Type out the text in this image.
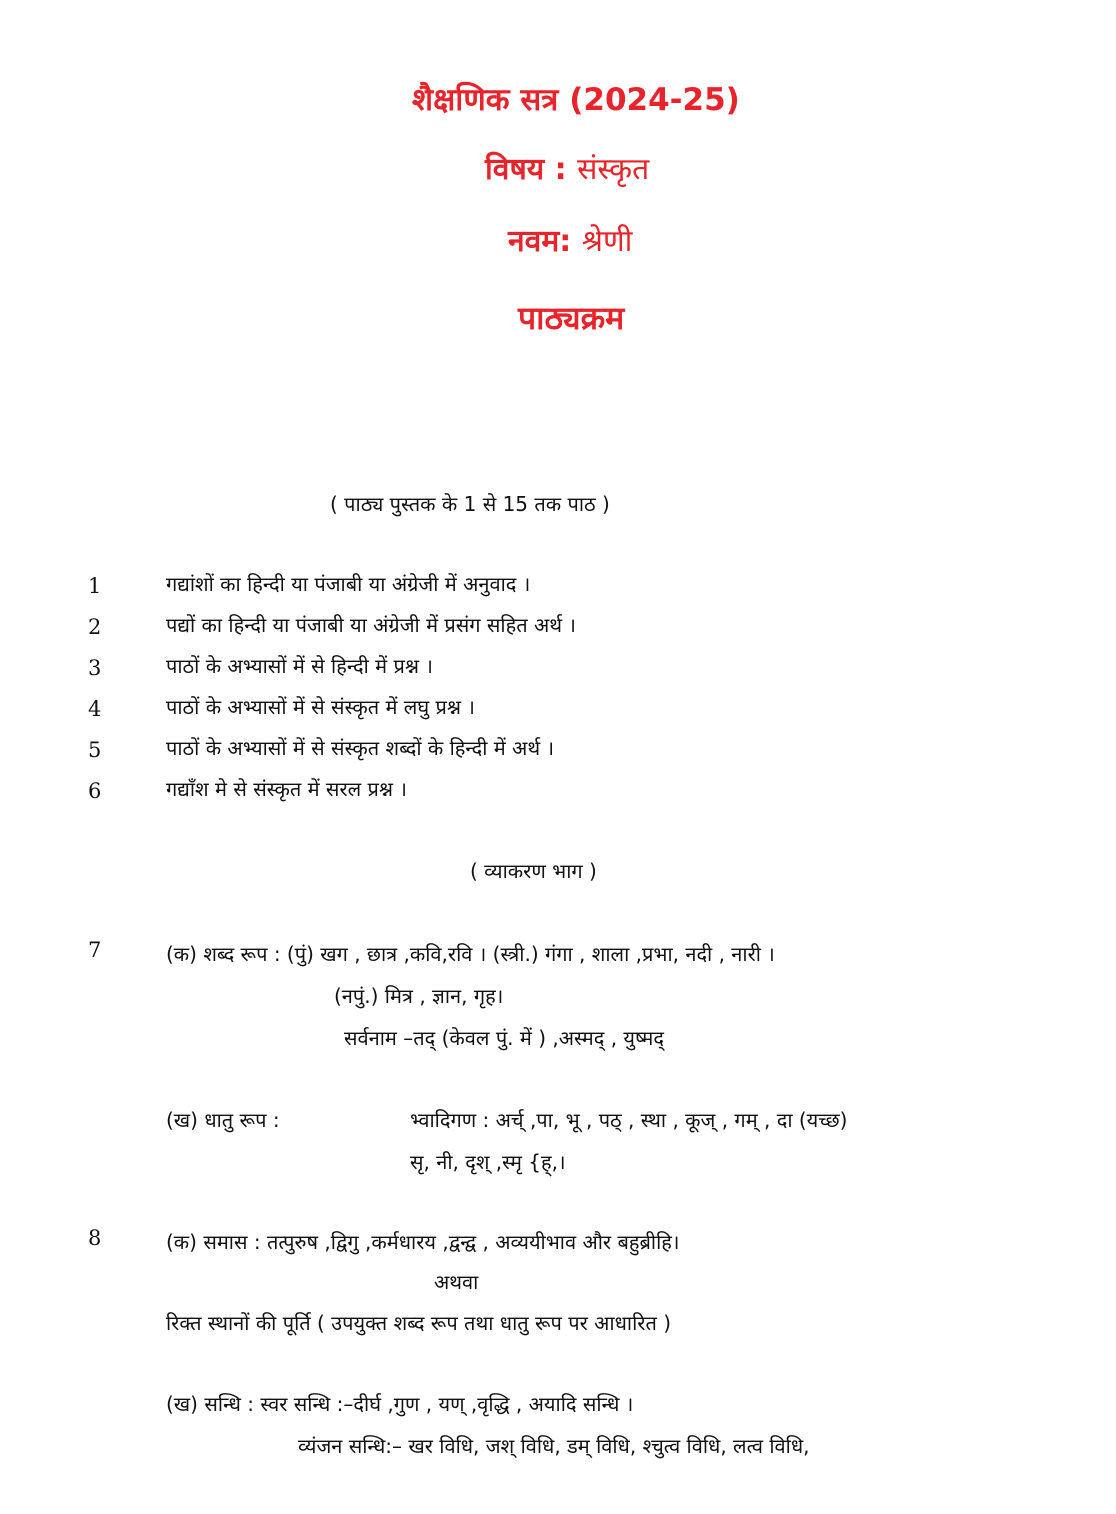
शैक्षणिक सत्र (2024-25)
विषय : संस्कृत
नवम: श्रेणी
पाठ्यक्रम
( पाठ्य पुस्तक के 1 से 15 तक पाठ )
1	गद्यांशों का हिन्दी या पंजाबी या अंग्रेजी में अनुवाद ।
2	पद्यों का हिन्दी या पंजाबी या अंग्रेजी में प्रसंग सहित अर्थ ।
3	पाठों के अभ्यासों में से हिन्दी में प्रश्न ।
4	पाठों के अभ्यासों में से संस्कृत में लघु प्रश्न ।
5	पाठों के अभ्यासों में से संस्कृत शब्दों के हिन्दी में अर्थ ।
6	गद्याँश मे से संस्कृत में सरल प्रश्न ।
( व्याकरण भाग )
7	(क) शब्द रूप : (पुं) खग , छात्र ,कवि,रवि । (स्त्री.) गंगा , शाला ,प्रभा, नदी , नारी ।
(नपुं.) मित्र , ज्ञान, गृह।
सर्वनाम –तद् (केवल पुं. में ) ,अस्मद् , युष्मद्
(ख) धातु रूप :	भ्वादिगण : अर्च् ,पा, भू , पठ् , स्था , कूज् , गम् , दा (यच्छ)
सृ, नी, दृश् ,स्मृ {ह्,।
8	(क) समास : तत्पुरुष ,द्विगु ,कर्मधारय ,द्वन्द्व , अव्ययीभाव और बहुब्रीहि।
अथवा
रिक्त स्थानों की पूर्ति ( उपयुक्त शब्द रूप तथा धातु रूप पर आधारित )
(ख) सन्धि : स्वर सन्धि :–दीर्घ ,गुण , यण् ,वृद्धि , अयादि सन्धि ।
व्यंजन सन्धि:– खर विधि, जश् विधि, डम् विधि, श्चुत्व विधि, लत्व विधि,
